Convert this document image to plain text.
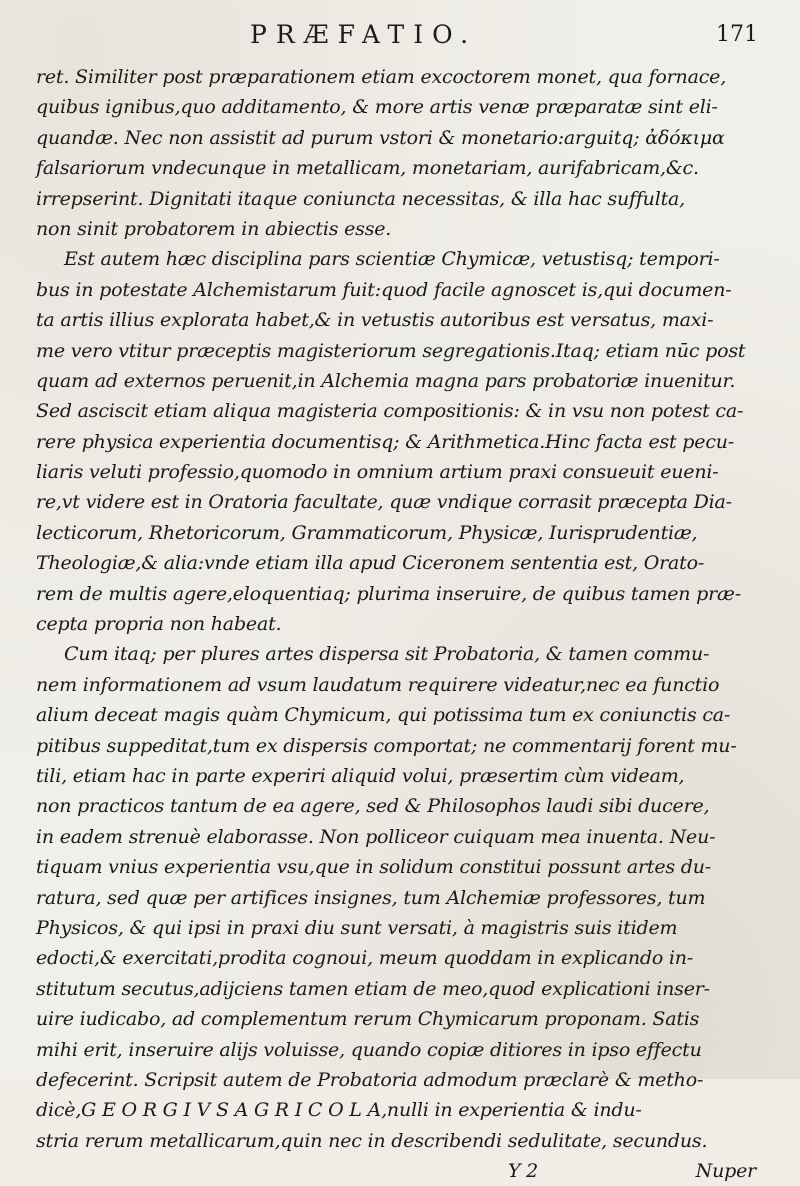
PRÆFATIO.	171
ret. Similiter post præparationem etiam excoctorem monet, qua fornace,
quibus ignibus,quo additamento, & more artis venæ præparatæ sint eli-
quandæ. Nec non assistit ad purum vstori & monetario:arguitq; ἀδόκιμα
falsariorum vndecunque in metallicam, monetariam, aurifabricam,&c.
irrepserint. Dignitati itaque coniuncta necessitas, & illa hac suffulta,
non sinit probatorem in abiectis esse.
Est autem hæc disciplina pars scientiæ Chymicæ, vetustisq; tempori-
bus in potestate Alchemistarum fuit:quod facile agnoscet is,qui documen-
ta artis illius explorata habet,& in vetustis autoribus est versatus, maxi-
me vero vtitur præceptis magisteriorum segregationis.Itaq; etiam nūc post
quam ad externos peruenit,in Alchemia magna pars probatoriæ inuenitur.
Sed asciscit etiam aliqua magisteria compositionis: & in vsu non potest ca-
rere physica experientia documentisq; & Arithmetica.Hinc facta est pecu-
liaris veluti professio,quomodo in omnium artium praxi consueuit eueni-
re,vt videre est in Oratoria facultate, quæ vndique corrasit præcepta Dia-
lecticorum, Rhetoricorum, Grammaticorum, Physicæ, Iurisprudentiæ,
Theologiæ,& alia:vnde etiam illa apud Ciceronem sententia est, Orato-
rem de multis agere,eloquentiaq; plurima inseruire, de quibus tamen præ-
cepta propria non habeat.
Cum itaq; per plures artes dispersa sit Probatoria, & tamen commu-
nem informationem ad vsum laudatum requirere videatur,nec ea functio
alium deceat magis quàm Chymicum, qui potissima tum ex coniunctis ca-
pitibus suppeditat,tum ex dispersis comportat; ne commentarij forent mu-
tili, etiam hac in parte experiri aliquid volui, præsertim cùm videam,
non practicos tantum de ea agere, sed & Philosophos laudi sibi ducere,
in eadem strenuè elaborasse. Non polliceor cuiquam mea inuenta. Neu-
tiquam vnius experientia vsu,que in solidum constitui possunt artes du-
ratura, sed quæ per artifices insignes, tum Alchemiæ professores, tum
Physicos, & qui ipsi in praxi diu sunt versati, à magistris suis itidem
edocti,& exercitati,prodita cognoui, meum quoddam in explicando in-
stitutum secutus,adijciens tamen etiam de meo,quod explicationi inser-
uire iudicabo, ad complementum rerum Chymicarum proponam. Satis
mihi erit, inseruire alijs voluisse, quando copiæ ditiores in ipso effectu
defecerint. Scripsit autem de Probatoria admodum præclarè & metho-
dicè,G E O R G I V S A G R I C O L A,nulli in experientia & indu-
stria rerum metallicarum,quin nec in describendi sedulitate, secundus.
Y 2	Nuper
